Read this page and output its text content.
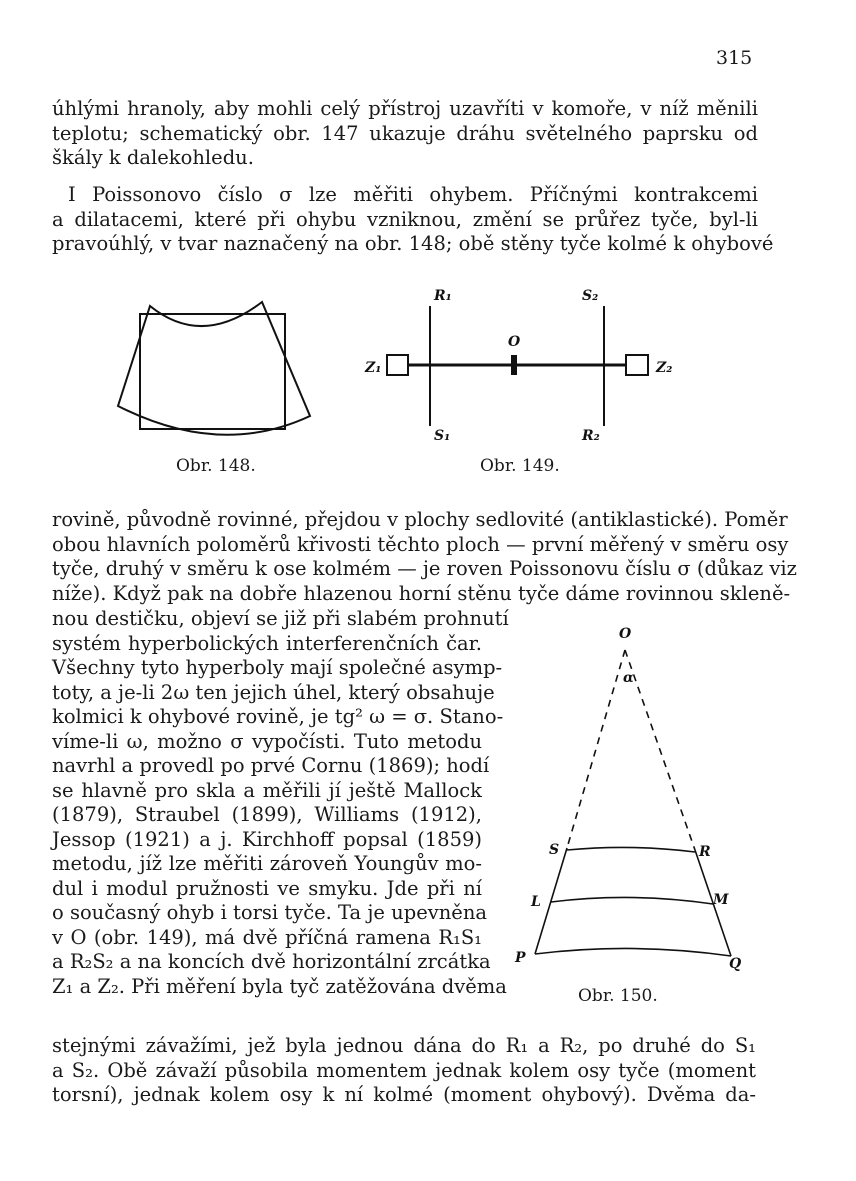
315
úhlými hranoly, aby mohli celý přístroj uzavříti v komoře, v níž měnili
teplotu; schematický obr. 147 ukazuje dráhu světelného paprsku od
škály k dalekohledu.
I Poissonovo číslo σ lze měřiti ohybem. Příčnými kontrakcemi
a dilatacemi, které při ohybu vzniknou, změní se průřez tyče, byl-li
pravoúhlý, v tvar naznačený na obr. 148; obě stěny tyče kolmé k ohybové
Obr. 148.
R₁	S₂
O
Z₁	Z₂
S₁	R₂
Obr. 149.
rovině, původně rovinné, přejdou v plochy sedlovité (antiklastické). Poměr
obou hlavních poloměrů křivosti těchto ploch — první měřený v směru osy
tyče, druhý v směru k ose kolmém — je roven Poissonovu číslu σ (důkaz viz
níže). Když pak na dobře hlazenou horní stěnu tyče dáme rovinnou skleně-
nou destičku, objeví se již při slabém prohnutí
systém hyperbolických interferenčních čar.
Všechny tyto hyperboly mají společné asymp-
toty, a je-li 2ω ten jejich úhel, který obsahuje
kolmici k ohybové rovině, je tg² ω = σ. Stano-
víme-li ω, možno σ vypočísti. Tuto metodu
navrhl a provedl po prvé Cornu (1869); hodí
se hlavně pro skla a měřili jí ještě Mallock
(1879), Straubel (1899), Williams (1912),
Jessop (1921) a j. Kirchhoff popsal (1859)
metodu, jíž lze měřiti zároveň Youngův mo-
dul i modul pružnosti ve smyku. Jde při ní
o současný ohyb i torsi tyče. Ta je upevněna
v O (obr. 149), má dvě příčná ramena R₁S₁
a R₂S₂ a na koncích dvě horizontální zrcátka
Z₁ a Z₂. Při měření byla tyč zatěžována dvěma
O
α
S	R
L	M
P	Q
Obr. 150.
stejnými závažími, jež byla jednou dána do R₁ a R₂, po druhé do S₁
a S₂. Obě závaží působila momentem jednak kolem osy tyče (moment
torsní), jednak kolem osy k ní kolmé (moment ohybový). Dvěma da-
